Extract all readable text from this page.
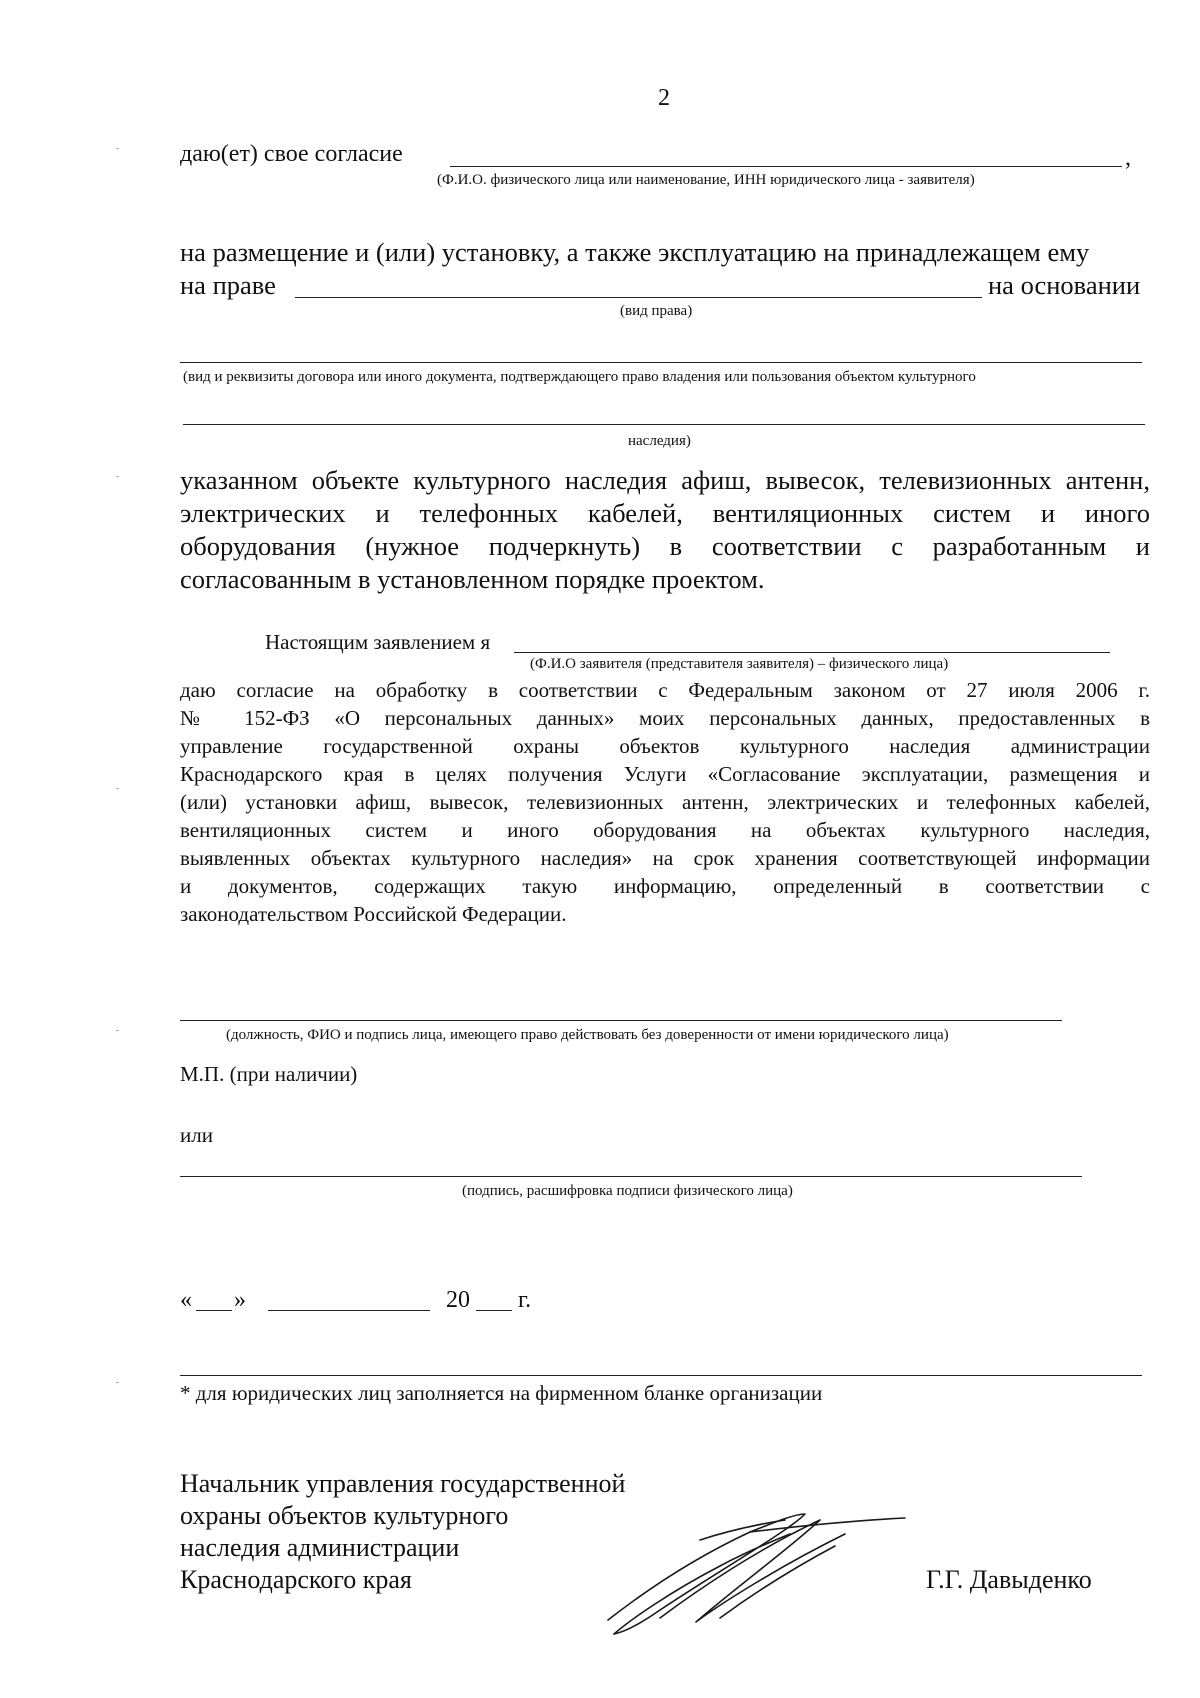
2
даю(ет) свое согласие	,
(Ф.И.О. физического лица или наименование, ИНН юридического лица - заявителя)
на размещение и (или) установку, а также эксплуатацию на принадлежащем ему
на праве	на основании
(вид права)
(вид и реквизиты договора или иного документа, подтверждающего право владения или пользования объектом культурного
наследия)
указанном объекте культурного наследия афиш, вывесок, телевизионных антенн,
электрических и телефонных кабелей, вентиляционных систем и иного
оборудования (нужное подчеркнуть) в соответствии с разработанным и
согласованным в установленном порядке проектом.
Настоящим заявлением я
(Ф.И.О заявителя (представителя заявителя) – физического лица)
даю согласие на обработку в соответствии с Федеральным законом от 27 июля 2006 г.
№ 152-ФЗ «О персональных данных» моих персональных данных, предоставленных в
управление государственной охраны объектов культурного наследия администрации
Краснодарского края в целях получения Услуги «Согласование эксплуатации, размещения и
(или) установки афиш, вывесок, телевизионных антенн, электрических и телефонных кабелей,
вентиляционных систем и иного оборудования на объектах культурного наследия,
выявленных объектах культурного наследия» на срок хранения соответствующей информации
и документов, содержащих такую информацию, определенный в соответствии с
законодательством Российской Федерации.
(должность, ФИО и подпись лица, имеющего право действовать без доверенности от имени юридического лица)
М.П. (при наличии)
или
(подпись, расшифровка подписи физического лица)
« »	20 г.
* для юридических лиц заполняется на фирменном бланке организации
Начальник управления государственной
охраны объектов культурного
наследия администрации
Краснодарского края	Г.Г. Давыденко
